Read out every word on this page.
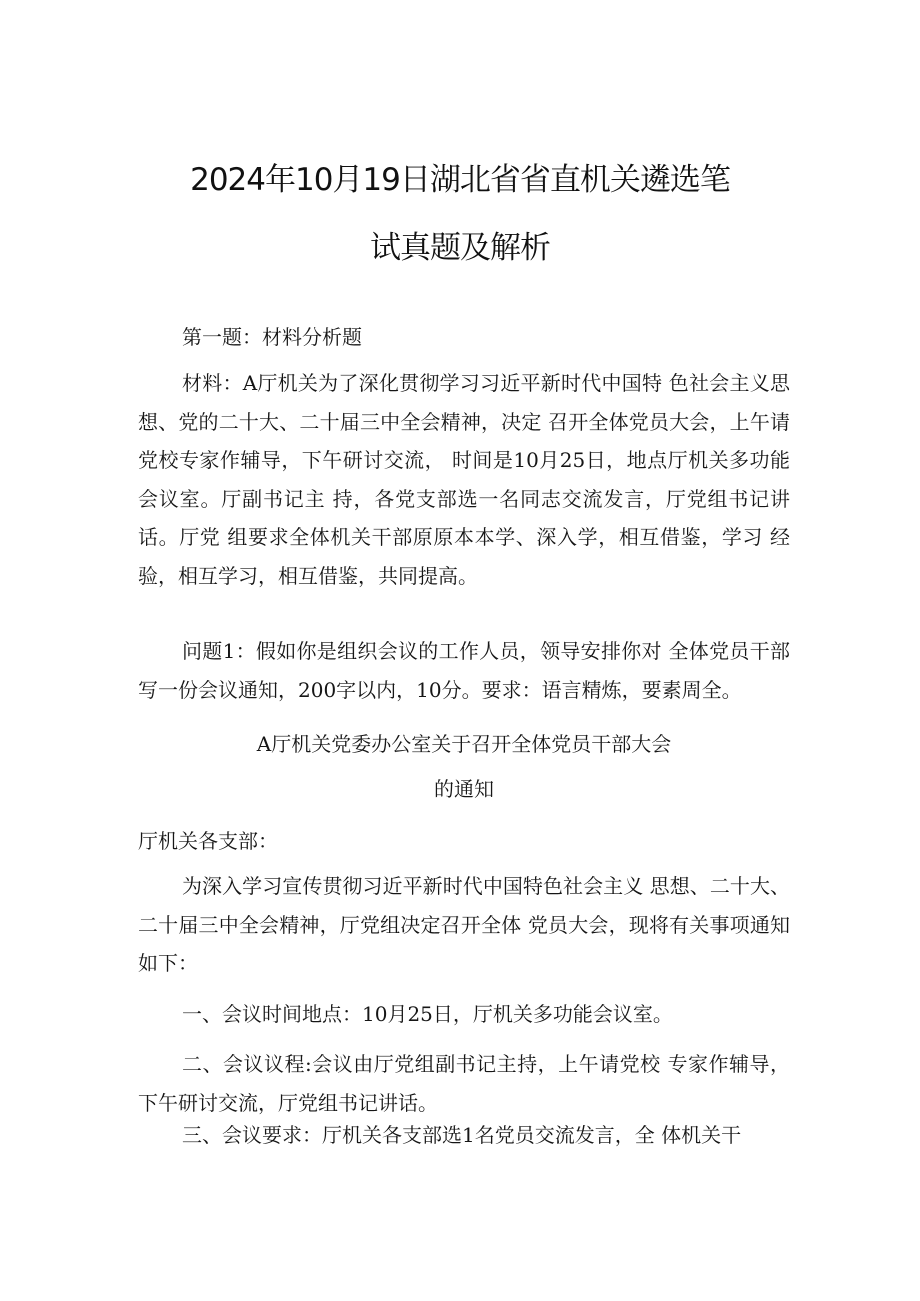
2024年10月19日湖北省省直机关遴选笔
试真题及解析
第一题：材料分析题
材料：A厅机关为了深化贯彻学习习近平新时代中国特 色社会主义思想、党的二十大、二十届三中全会精神，决定 召开全体党员大会，上午请党校专家作辅导，下午研讨交流， 时间是10月25日，地点厅机关多功能会议室。厅副书记主 持，各党支部选一名同志交流发言，厅党组书记讲话。厅党 组要求全体机关干部原原本本学、深入学，相互借鉴，学习 经验，相互学习，相互借鉴，共同提高。
问题1：假如你是组织会议的工作人员，领导安排你对 全体党员干部写一份会议通知，200字以内，10分。要求：语言精炼，要素周全。
A厅机关党委办公室关于召开全体党员干部大会
的通知
厅机关各支部：
为深入学习宣传贯彻习近平新时代中国特色社会主义 思想、二十大、二十届三中全会精神，厅党组决定召开全体 党员大会，现将有关事项通知如下：
一、会议时间地点：10月25日，厅机关多功能会议室。
二、会议议程:会议由厅党组副书记主持，上午请党校 专家作辅导，下午研讨交流，厅党组书记讲话。
三、会议要求：厅机关各支部选1名党员交流发言，全 体机关干
